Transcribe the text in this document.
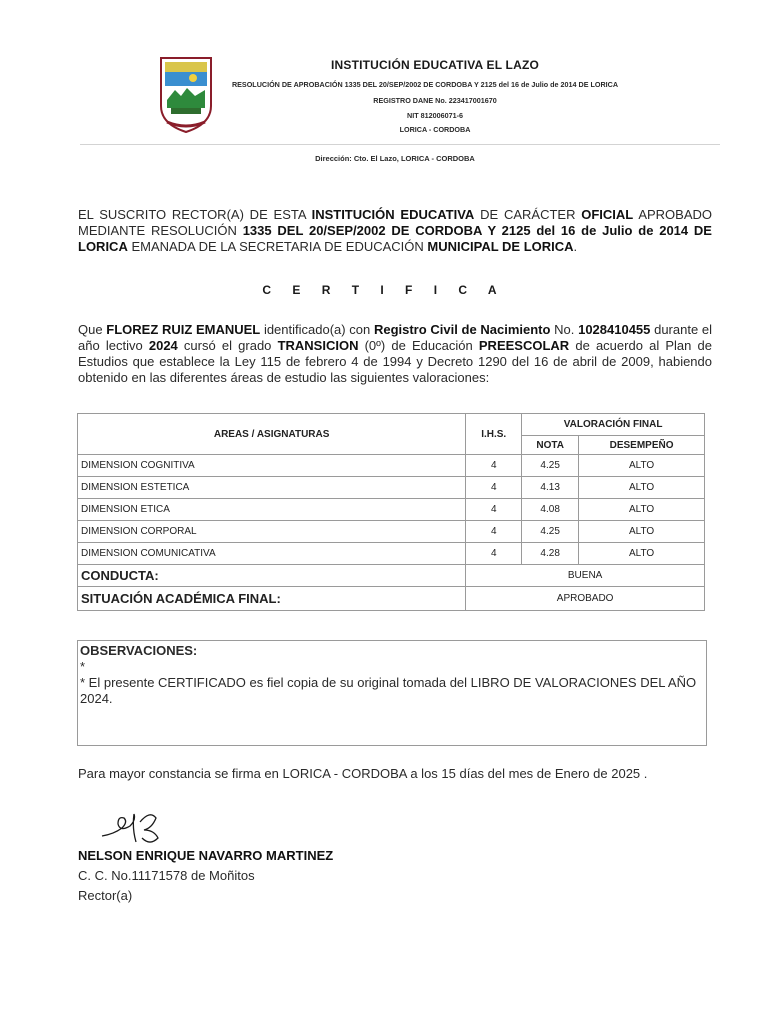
INSTITUCIÓN EDUCATIVA EL LAZO
RESOLUCIÓN DE APROBACIÓN 1335 DEL 20/SEP/2002 DE CORDOBA Y 2125 del 16 de Julio de 2014 DE LORICA
REGISTRO DANE No. 223417001670
NIT 812006071-6
LORICA - CORDOBA
Dirección: Cto. El Lazo, LORICA - CORDOBA
EL SUSCRITO RECTOR(A) DE ESTA INSTITUCIÓN EDUCATIVA DE CARÁCTER OFICIAL APROBADO MEDIANTE RESOLUCIÓN 1335 DEL 20/SEP/2002 DE CORDOBA Y 2125 del 16 de Julio de 2014 DE LORICA EMANADA DE LA SECRETARIA DE EDUCACIÓN MUNICIPAL DE LORICA.
C E R T I F I C A
Que FLOREZ RUIZ EMANUEL identificado(a) con Registro Civil de Nacimiento No. 1028410455 durante el año lectivo 2024 cursó el grado TRANSICION (0º) de Educación PREESCOLAR de acuerdo al Plan de Estudios que establece la Ley 115 de febrero 4 de 1994 y Decreto 1290 del 16 de abril de 2009, habiendo obtenido en las diferentes áreas de estudio las siguientes valoraciones:
AREAS / ASIGNATURAS	I.H.S.	VALORACIÓN FINAL	
		NOTA	DESEMPEÑO
DIMENSION COGNITIVA	4	4.25	ALTO
DIMENSION ESTETICA	4	4.13	ALTO
DIMENSION ETICA	4	4.08	ALTO
DIMENSION CORPORAL	4	4.25	ALTO
DIMENSION COMUNICATIVA	4	4.28	ALTO
CONDUCTA:	BUENA		
SITUACIÓN ACADÉMICA FINAL:	APROBADO		
OBSERVACIONES:
*
* El presente CERTIFICADO es fiel copia de su original tomada del LIBRO DE VALORACIONES DEL AÑO 2024.
Para mayor constancia se firma en LORICA - CORDOBA a los 15 días del mes de Enero de 2025 .
NELSON ENRIQUE NAVARRO MARTINEZ
C. C. No.11171578 de Moñitos
Rector(a)
